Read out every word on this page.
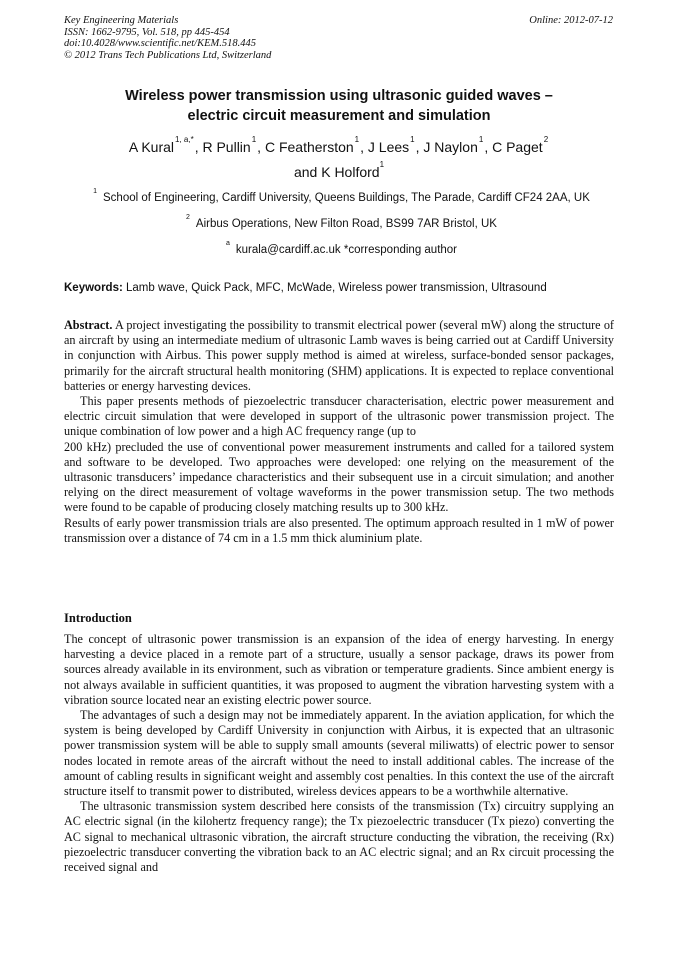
Key Engineering Materials
ISSN: 1662-9795, Vol. 518, pp 445-454
doi:10.4028/www.scientific.net/KEM.518.445
© 2012 Trans Tech Publications Ltd, Switzerland
Online: 2012-07-12
Wireless power transmission using ultrasonic guided waves –
electric circuit measurement and simulation
A Kural$^{1, a,*}$, R Pullin$^1$, C Featherston$^1$, J Lees$^1$, J Naylon$^1$, C Paget$^2$
and K Holford$^1$
$^1$School of Engineering, Cardiff University, Queens Buildings, The Parade, Cardiff CF24 2AA, UK
$^2$Airbus Operations, New Filton Road, BS99 7AR Bristol, UK
$^a$kurala@cardiff.ac.uk *corresponding author
Keywords: Lamb wave, Quick Pack, MFC, McWade, Wireless power transmission, Ultrasound

Abstract. A project investigating the possibility to transmit electrical power (several mW) along the structure of an aircraft by using an intermediate medium of ultrasonic Lamb waves is being carried out at Cardiff University in conjunction with Airbus. This power supply method is aimed at wireless, surface-bonded sensor packages, primarily for the aircraft structural health monitoring (SHM) applications. It is expected to replace conventional batteries or energy harvesting devices.

This paper presents methods of piezoelectric transducer characterisation, electric power measurement and electric circuit simulation that were developed in support of the ultrasonic power transmission project. The unique combination of low power and a high AC frequency range (up to

200 kHz) precluded the use of conventional power measurement instruments and called for a tailored system and software to be developed. Two approaches were developed: one relying on the measurement of the ultrasonic transducers’ impedance characteristics and their subsequent use in a circuit simulation; and another relying on the direct measurement of voltage waveforms in the power transmission setup. The two methods were found to be capable of producing closely matching results up to 300 kHz.

Results of early power transmission trials are also presented. The optimum approach resulted in 1 mW of power transmission over a distance of 74 cm in a 1.5 mm thick aluminium plate.

Introduction

The concept of ultrasonic power transmission is an expansion of the idea of energy harvesting. In energy harvesting a device placed in a remote part of a structure, usually a sensor package, draws its power from sources already available in its environment, such as vibration or temperature gradients. Since ambient energy is not always available in sufficient quantities, it was proposed to augment the vibration harvesting system with a vibration source located near an existing electric power source.

The advantages of such a design may not be immediately apparent. In the aviation application, for which the system is being developed by Cardiff University in conjunction with Airbus, it is expected that an ultrasonic power transmission system will be able to supply small amounts (several miliwatts) of electric power to sensor nodes located in remote areas of the aircraft without the need to install additional cables. The increase of the amount of cabling results in significant weight and assembly cost penalties. In this context the use of the aircraft structure itself to transmit power to distributed, wireless devices appears to be a worthwhile alternative.

The ultrasonic transmission system described here consists of the transmission (Tx) circuitry supplying an AC electric signal (in the kilohertz frequency range); the Tx piezoelectric transducer (Tx piezo) converting the AC signal to mechanical ultrasonic vibration, the aircraft structure conducting the vibration, the receiving (Rx) piezoelectric transducer converting the vibration back to an AC electric signal; and an Rx circuit processing the received signal and
